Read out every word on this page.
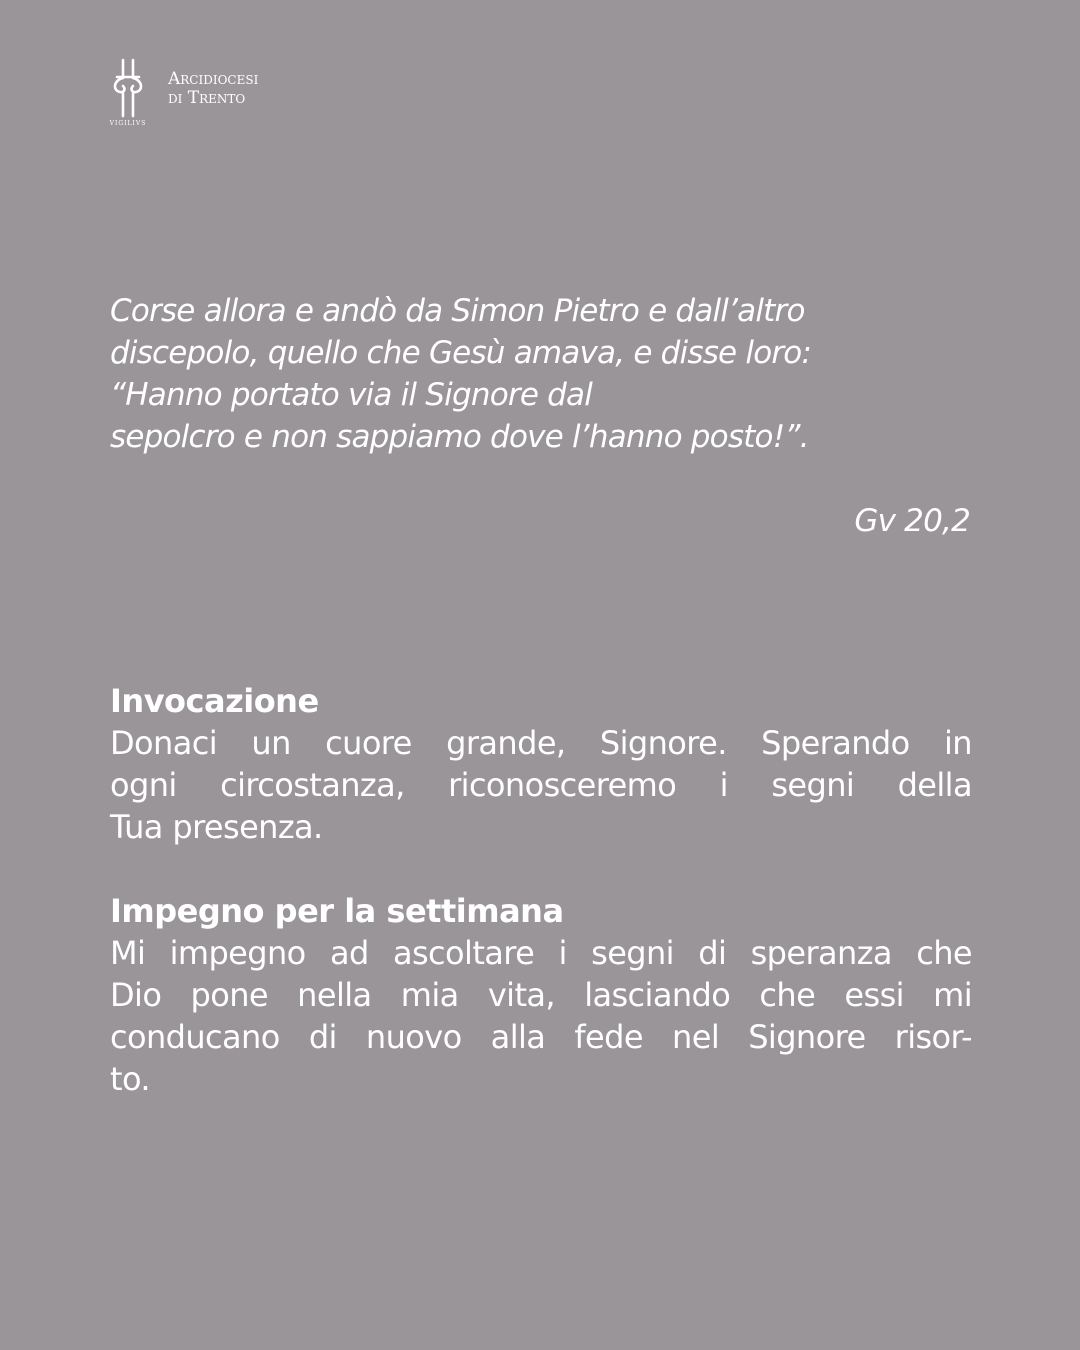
VIGILIVS
Arcidiocesi
di Trento
Corse allora e andò da Simon Pietro e dall’altro
discepolo, quello che Gesù amava, e disse loro:
“Hanno portato via il Signore dal
sepolcro e non sappiamo dove l’hanno posto!”.
Gv 20,2
Invocazione
Donaci un cuore grande, Signore. Sperando in
ogni circostanza, riconosceremo i segni della
Tua presenza.
Impegno per la settimana
Mi impegno ad ascoltare i segni di speranza che
Dio pone nella mia vita, lasciando che essi mi
conducano di nuovo alla fede nel Signore risor-
to.
